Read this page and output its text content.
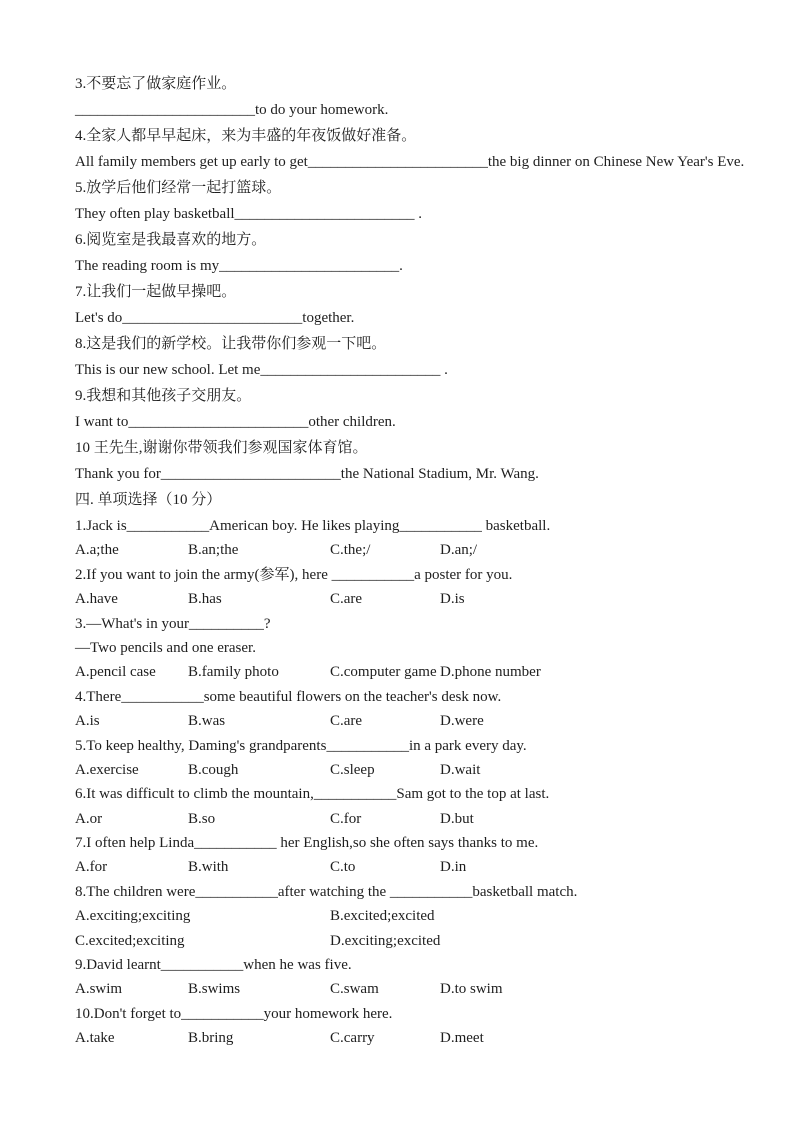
3.不要忘了做家庭作业。
________________________to do your homework.
4.全家人都早早起床，来为丰盛的年夜饭做好准备。
All family members get up early to get________________________the big dinner on Chinese New Year's Eve.
5.放学后他们经常一起打篮球。
They often play basketball________________________ .
6.阅览室是我最喜欢的地方。
The reading room is my________________________.
7.让我们一起做早操吧。
Let's do________________________together.
8.这是我们的新学校。让我带你们参观一下吧。
This is our new school. Let me________________________ .
9.我想和其他孩子交朋友。
I want to________________________other children.
10 王先生,谢谢你带领我们参观国家体育馆。
Thank you for________________________the National Stadium, Mr. Wang.
四. 单项选择（10 分）
1.Jack is___________American boy. He likes playing___________ basketball.
A.a;the	B.an;the	C.the;/	D.an;/
2.If you want to join the army(参军), here ___________a poster for you.
A.have	B.has	C.are	D.is
3.—What's in your__________?
—Two pencils and one eraser.
A.pencil case B.family photo	C.computer game D.phone number
4.There___________some beautiful flowers on the teacher's desk now.
A.is	B.was	C.are	D.were
5.To keep healthy, Daming's grandparents___________in a park every day.
A.exercise	B.cough	C.sleep	D.wait
6.It was difficult to climb the mountain,___________Sam got to the top at last.
A.or	B.so	C.for	D.but
7.I often help Linda___________ her English,so she often says thanks to me.
A.for	B.with	C.to	D.in
8.The children were___________after watching the ___________basketball match.
A.exciting;exciting	B.excited;excited
C.excited;exciting	D.exciting;excited
9.David learnt___________when he was five.
A.swim	B.swims	C.swam	D.to swim
10.Don't forget to___________your homework here.
A.take	B.bring	C.carry	D.meet
